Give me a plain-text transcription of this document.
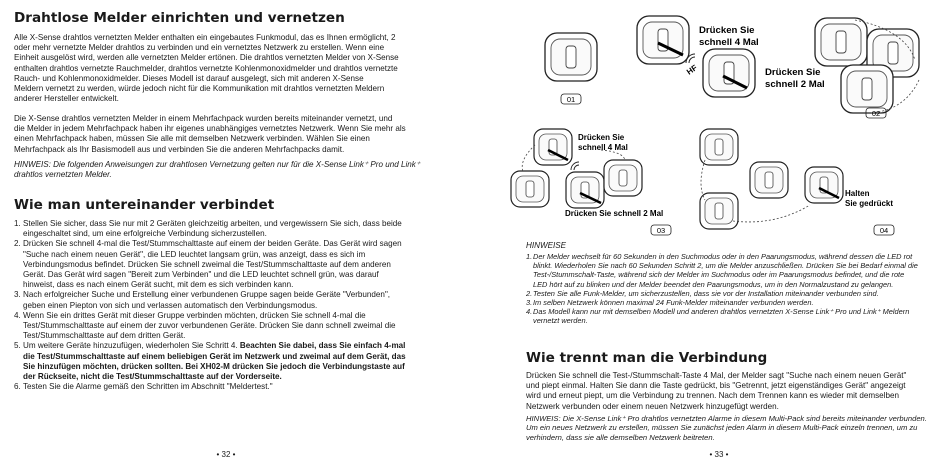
Drahtlose Melder einrichten und vernetzen

Alle X-Sense drahtlos vernetzten Melder enthalten ein eingebautes Funkmodul, das es Ihnen ermöglicht, 2

oder mehr vernetzte Melder drahtlos zu verbinden und ein vernetztes Netzwerk zu erstellen. Wenn eine

Einheit ausgelöst wird, werden alle vernetzten Melder ertönen. Die drahtlos vernetzten Melder von X-Sense

enthalten drahtlos vernetzte Rauchmelder, drahtlos vernetzte Kohlenmonoxidmelder und drahtlos vernetzte

Rauch- und Kohlenmonoxidmelder. Dieses Modell ist darauf ausgelegt, sich mit anderen X-Sense

Meldern vernetzt zu werden, würde jedoch nicht für die Kommunikation mit drahtlos vernetzten Meldern

anderer Hersteller entwickelt.

Die X-Sense drahtlos vernetzten Melder in einem Mehrfachpack wurden bereits miteinander vernetzt, und

die Melder in jedem Mehrfachpack haben ihr eigenes unabhängiges vernetztes Netzwerk. Wenn Sie mehr als

einen Mehrfachpack haben, müssen Sie alle mit demselben Netzwerk verbinden. Wählen Sie einen

Mehrfachpack als Ihr Basismodell aus und verbinden Sie die anderen Mehrfachpacks damit.

HINWEIS: Die folgenden Anweisungen zur drahtlosen Vernetzung gelten nur für die X-Sense Link⁺ Pro und Link⁺

drahtlos vernetzten Melder.

Wie man untereinander verbindet
1. Stellen Sie sicher, dass Sie nur mit 2 Geräten gleichzeitig arbeiten, und vergewissern Sie sich, dass beide
eingeschaltet sind, um eine erfolgreiche Verbindung sicherzustellen.
2. Drücken Sie schnell 4-mal die Test/Stummschalttaste auf einem der beiden Geräte. Das Gerät wird sagen
"Suche nach einem neuen Gerät", die LED leuchtet langsam grün, was anzeigt, dass es sich im
Verbindungsmodus befindet. Drücken Sie schnell zweimal die Test/Stummschalttaste auf dem anderen
Gerät. Das Gerät wird sagen "Bereit zum Verbinden" und die LED leuchtet schnell grün, was darauf
hinweist, dass es nach einem Gerät sucht, mit dem es sich verbinden kann.
3. Nach erfolgreicher Suche und Erstellung einer verbundenen Gruppe sagen beide Geräte "Verbunden",
geben einen Piepton von sich und verlassen automatisch den Verbindungsmodus.
4. Wenn Sie ein drittes Gerät mit dieser Gruppe verbinden möchten, drücken Sie schnell 4-mal die
Test/Stummschalttaste auf einem der zuvor verbundenen Geräte. Drücken Sie dann schnell zweimal die
Test/Stummschalttaste auf dem dritten Gerät.
5. Um weitere Geräte hinzuzufügen, wiederholen Sie Schritt 4. Beachten Sie dabei, dass Sie einfach 4-mal
die Test/Stummschalttaste auf einem beliebigen Gerät im Netzwerk und zweimal auf dem Gerät, das
Sie hinzufügen möchten, drücken sollten. Bei XH02-M drücken Sie jedoch die Verbindungstaste auf
der Rückseite, nicht die Test/Stummschalttaste auf der Vorderseite.
6. Testen Sie die Alarme gemäß den Schritten im Abschnitt "Meldertest."
• 32 •
01
Drücken Sie
schnell 4 Mal
HF	Drücken Sie
schnell 2 Mal
02
Drücken Sie
schnell 4 Mal
Drücken Sie schnell 2 Mal
03
Halten
Sie gedrückt
04
HINWEISE
1. Der Melder wechselt für 60 Sekunden in den Suchmodus oder in den Paarungsmodus, während dessen die LED rot
blinkt. Wiederholen Sie nach 60 Sekunden Schritt 2, um die Melder anzuschließen. Drücken Sie bei Bedarf einmal die
Test-/Stummschalt-Taste, während sich der Melder im Suchmodus oder im Paarungsmodus befindet, und die rote
LED hört auf zu blinken und der Melder beendet den Paarungsmodus, um in den Normalzustand zu gelangen.
2. Testen Sie alle Funk-Melder, um sicherzustellen, dass sie vor der Installation miteinander verbunden sind.
3. Im selben Netzwerk können maximal 24 Funk-Melder miteinander verbunden werden.
4. Das Modell kann nur mit demselben Modell und anderen drahtlos vernetzten X-Sense Link⁺ Pro und Link⁺ Meldern
vernetzt werden.
Wie trennt man die Verbindung

Drücken Sie schnell die Test-/Stummschalt-Taste 4 Mal, der Melder sagt "Suche nach einem neuen Gerät"

und piept einmal. Halten Sie dann die Taste gedrückt, bis "Getrennt, jetzt eigenständiges Gerät" angezeigt

wird und erneut piept, um die Verbindung zu trennen. Nach dem Trennen kann es wieder mit demselben

Netzwerk verbunden oder einem neuen Netzwerk hinzugefügt werden.

HINWEIS: Die X-Sense Link⁺ Pro drahtlos vernetzten Alarme in diesem Multi-Pack sind bereits miteinander verbunden.

Um ein neues Netzwerk zu erstellen, müssen Sie zunächst jeden Alarm in diesem Multi-Pack einzeln trennen, um zu

verhindern, dass sie alle demselben Netzwerk beitreten.

• 33 •
